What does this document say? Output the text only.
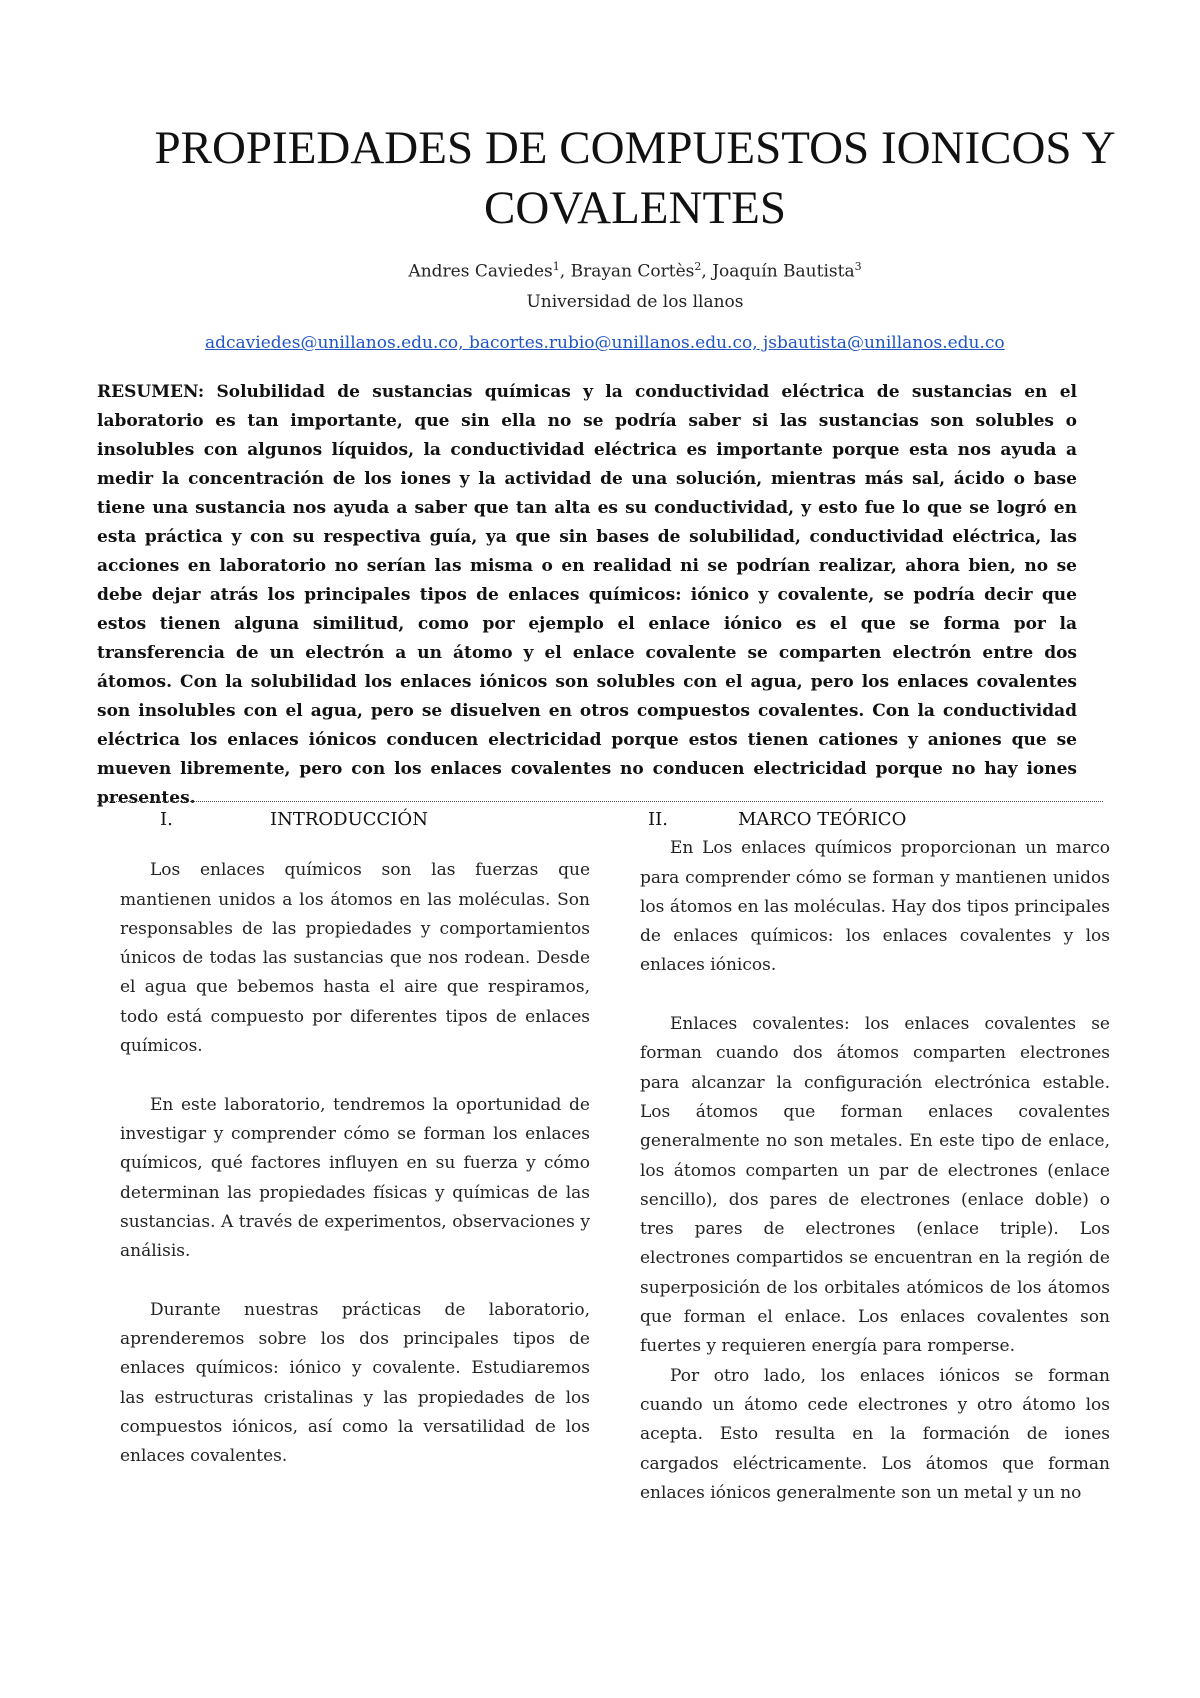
PROPIEDADES DE COMPUESTOS IONICOS Y COVALENTES
Andres Caviedes$^1$, Brayan Cortès$^2$, Joaquín Bautista$^3$
Universidad de los llanos
adcaviedes@unillanos.edu.co, bacortes.rubio@unillanos.edu.co, jsbautista@unillanos.edu.co
RESUMEN: Solubilidad de sustancias químicas y la conductividad eléctrica de sustancias en el laboratorio es tan importante, que sin ella no se podría saber si las sustancias son solubles o insolubles con algunos líquidos, la conductividad eléctrica es importante porque esta nos ayuda a medir la concentración de los iones y la actividad de una solución, mientras más sal, ácido o base tiene una sustancia nos ayuda a saber que tan alta es su conductividad, y esto fue lo que se logró en esta práctica y con su respectiva guía, ya que sin bases de solubilidad, conductividad eléctrica, las acciones en laboratorio no serían las misma o en realidad ni se podrían realizar, ahora bien, no se debe dejar atrás los principales tipos de enlaces químicos: iónico y covalente, se podría decir que estos tienen alguna similitud, como por ejemplo el enlace iónico es el que se forma por la transferencia de un electrón a un átomo y el enlace covalente se comparten electrón entre dos átomos. Con la solubilidad los enlaces iónicos son solubles con el agua, pero los enlaces covalentes son insolubles con el agua, pero se disuelven en otros compuestos covalentes. Con la conductividad eléctrica los enlaces iónicos conducen electricidad porque estos tienen cationes y aniones que se mueven libremente, pero con los enlaces covalentes no conducen electricidad porque no hay iones presentes.
I.	INTRODUCCIÓN

Los enlaces químicos son las fuerzas que mantienen unidos a los átomos en las moléculas. Son responsables de las propiedades y comportamientos únicos de todas las sustancias que nos rodean. Desde el agua que bebemos hasta el aire que respiramos, todo está compuesto por diferentes tipos de enlaces químicos.

En este laboratorio, tendremos la oportunidad de investigar y comprender cómo se forman los enlaces químicos, qué factores influyen en su fuerza y cómo determinan las propiedades físicas y químicas de las sustancias. A través de experimentos, observaciones y análisis.

Durante nuestras prácticas de laboratorio, aprenderemos sobre los dos principales tipos de enlaces químicos: iónico y covalente. Estudiaremos las estructuras cristalinas y las propiedades de los compuestos iónicos, así como la versatilidad de los enlaces covalentes.

II.	MARCO TEÓRICO

En Los enlaces químicos proporcionan un marco para comprender cómo se forman y mantienen unidos los átomos en las moléculas. Hay dos tipos principales de enlaces químicos: los enlaces covalentes y los enlaces iónicos.

Enlaces covalentes: los enlaces covalentes se forman cuando dos átomos comparten electrones para alcanzar la configuración electrónica estable. Los átomos que forman enlaces covalentes generalmente no son metales. En este tipo de enlace, los átomos comparten un par de electrones (enlace sencillo), dos pares de electrones (enlace doble) o tres pares de electrones (enlace triple). Los electrones compartidos se encuentran en la región de superposición de los orbitales atómicos de los átomos que forman el enlace. Los enlaces covalentes son fuertes y requieren energía para romperse.

Por otro lado, los enlaces iónicos se forman cuando un átomo cede electrones y otro átomo los acepta. Esto resulta en la formación de iones cargados eléctricamente. Los átomos que forman enlaces iónicos generalmente son un metal y un no
